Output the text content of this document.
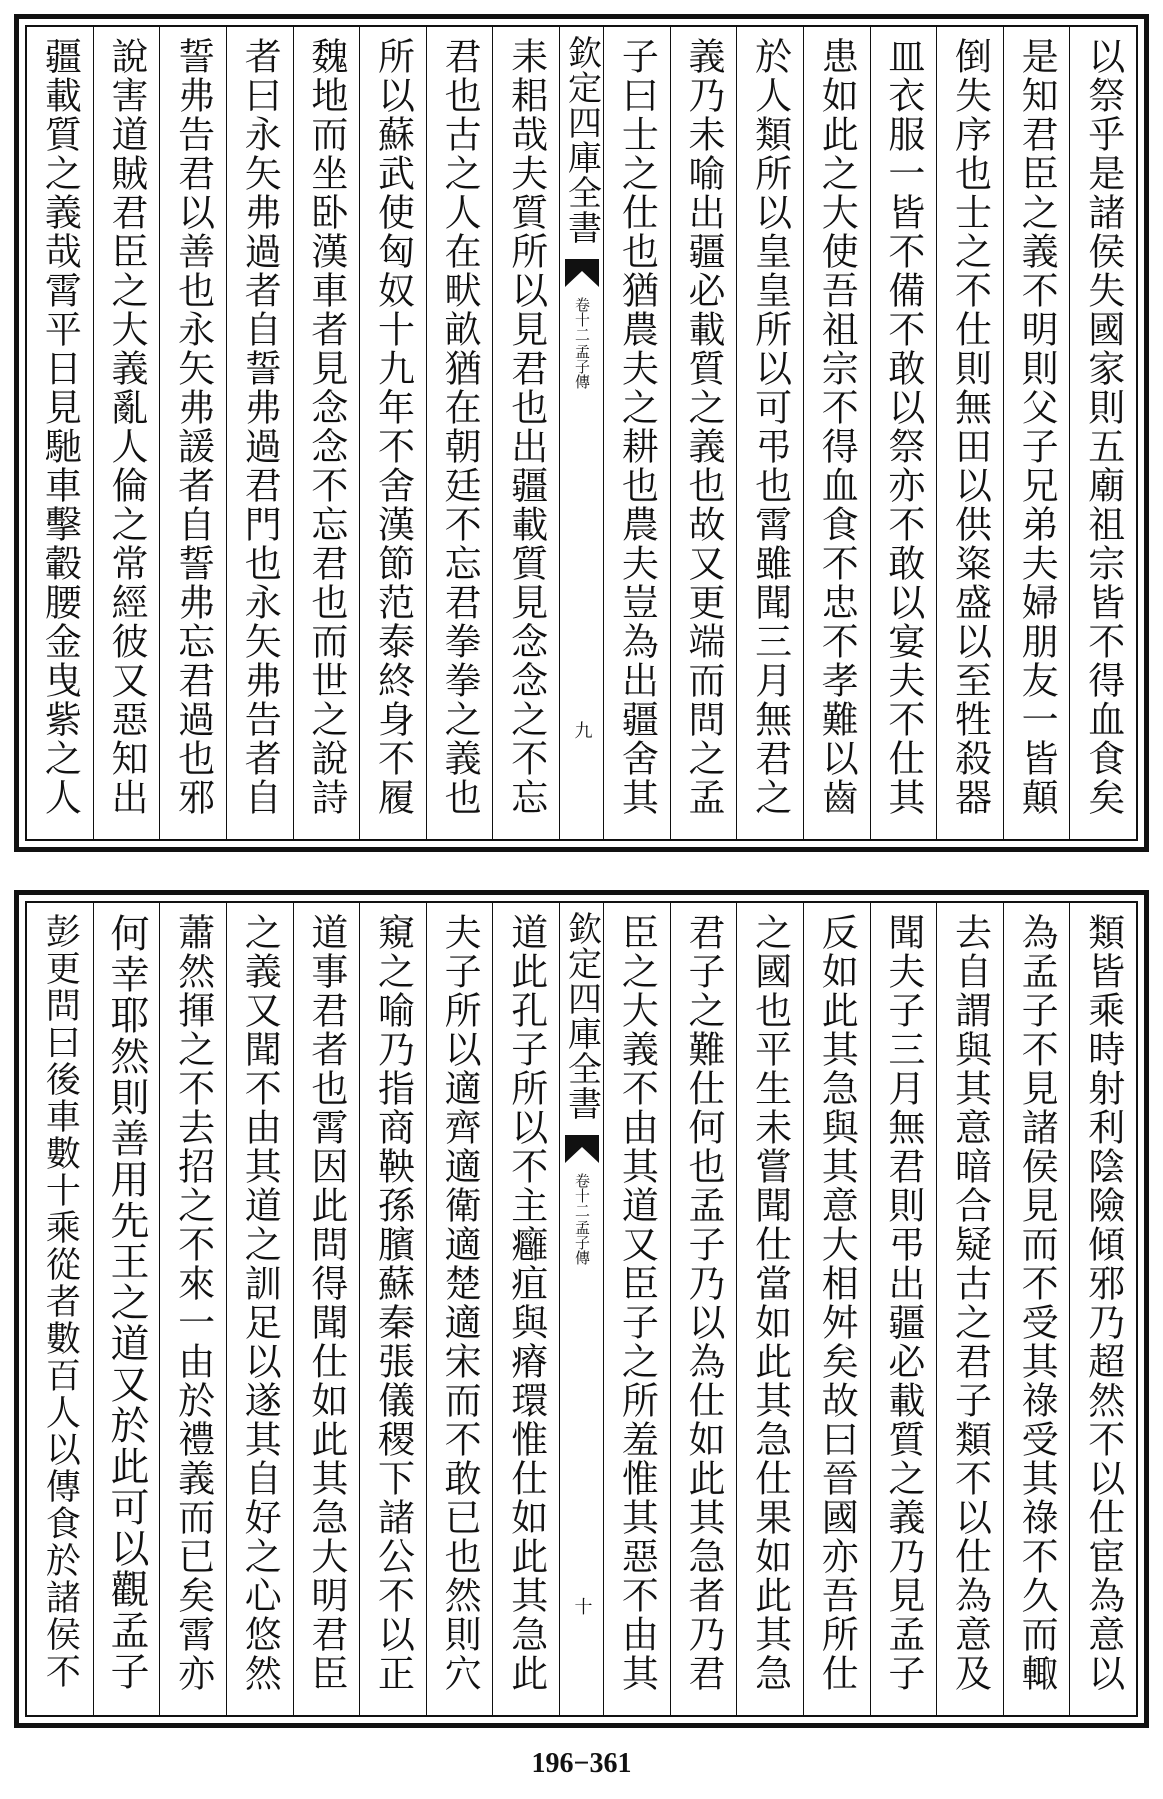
以祭乎是諸侯失國家則五廟祖宗皆不得血食矣
是知君臣之義不明則父子兄弟夫婦朋友一皆顛
倒失序也士之不仕則無田以供粢盛以至牲殺器
皿衣服一皆不備不敢以祭亦不敢以宴夫不仕其
患如此之大使吾祖宗不得血食不忠不孝難以齒
於人類所以皇皇所以可弔也霄雖聞三月無君之
義乃未喻出疆必載質之義也故又更端而問之孟
子曰士之仕也猶農夫之耕也農夫豈為出疆舍其
欽定四庫全書
孟子傳
卷十二
九
耒耜哉夫質所以見君也出疆載質見念念之不忘
君也古之人在畎畝猶在朝廷不忘君拳拳之義也
所以蘇武使匈奴十九年不舍漢節范泰終身不履
魏地而坐卧漢車者見念念不忘君也而世之說詩
者曰永矢弗過者自誓弗過君門也永矢弗告者自
誓弗告君以善也永矢弗諼者自誓弗忘君過也邪
說害道賊君臣之大義亂人倫之常經彼又惡知出
疆載質之義哉霄平日見馳車擊轂腰金曳紫之人
類皆乘時射利陰險傾邪乃超然不以仕宦為意以
為孟子不見諸侯見而不受其祿受其祿不久而輙
去自謂與其意暗合疑古之君子類不以仕為意及
聞夫子三月無君則弔出疆必載質之義乃見孟子
反如此其急與其意大相舛矣故曰晉國亦吾所仕
之國也平生未嘗聞仕當如此其急仕果如此其急
君子之難仕何也孟子乃以為仕如此其急者乃君
臣之大義不由其道又臣子之所羞惟其惡不由其
欽定四庫全書
孟子傳
卷十二
十
道此孔子所以不主癰疽與瘠環惟仕如此其急此
夫子所以適齊適衛適楚適宋而不敢已也然則穴
窺之喻乃指商鞅孫臏蘇秦張儀稷下諸公不以正
道事君者也霄因此問得聞仕如此其急大明君臣
之義又聞不由其道之訓足以遂其自好之心悠然
蕭然揮之不去招之不來一由於禮義而已矣霄亦
何幸耶然則善用先王之道又於此可以觀孟子
彭更問曰後車數十乘從者數百人以傳食於諸侯不
196−361
